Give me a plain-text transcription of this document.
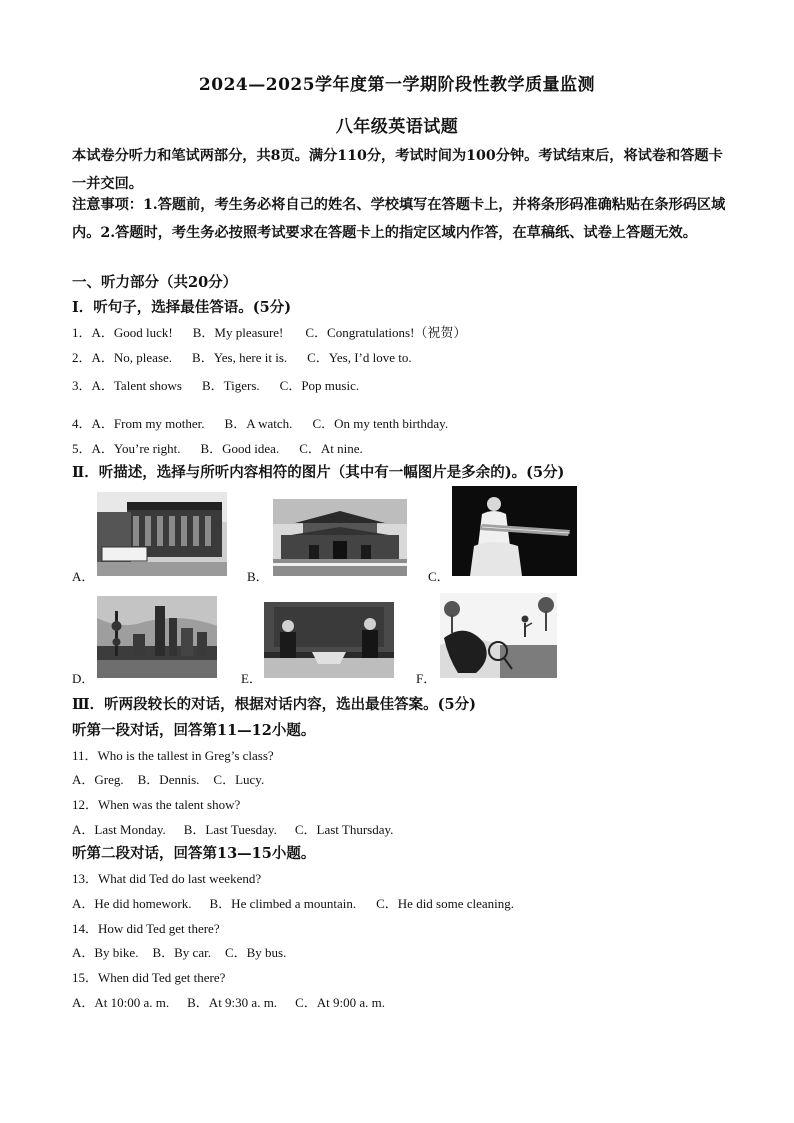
2024—2025学年度第一学期阶段性教学质量监测
八年级英语试题
本试卷分听力和笔试两部分，共8页。满分110分，考试时间为100分钟。考试结束后，将试卷和答题卡一并交回。
注意事项：1.答题前，考生务必将自己的姓名、学校填写在答题卡上，并将条形码准确粘贴在条形码区域内。2.答题时，考生务必按照考试要求在答题卡上的指定区域内作答，在草稿纸、试卷上答题无效。
一、听力部分（共20分）
I．听句子，选择最佳答语。(5分)
1．A．Good luck! B．My pleasure! C．Congratulations!（祝贺）
2．A．No, please. B．Yes, here it is. C．Yes, I’d love to.
3．A．Talent shows B．Tigers. C．Pop music.
4．A．From my mother. B．A watch. C．On my tenth birthday.
5．A．You’re right. B．Good idea. C．At nine.
Ⅱ．听描述，选择与所听内容相符的图片（其中有一幅图片是多余的)。(5分)
A．	B．	C．
D．	E．	F．
Ⅲ．听两段较长的对话，根据对话内容，选出最佳答案。(5分)
听第一段对话，回答第11—12小题。
11．Who is the tallest in Greg’s class?
A．Greg. B．Dennis. C．Lucy.
12．When was the talent show?
A．Last Monday. B．Last Tuesday. C．Last Thursday.
听第二段对话，回答第13—15小题。
13．What did Ted do last weekend?
A．He did homework. B．He climbed a mountain. C．He did some cleaning.
14．How did Ted get there?
A．By bike. B．By car. C．By bus.
15．When did Ted get there?
A．At 10:00 a. m. B．At 9:30 a. m. C．At 9:00 a. m.
